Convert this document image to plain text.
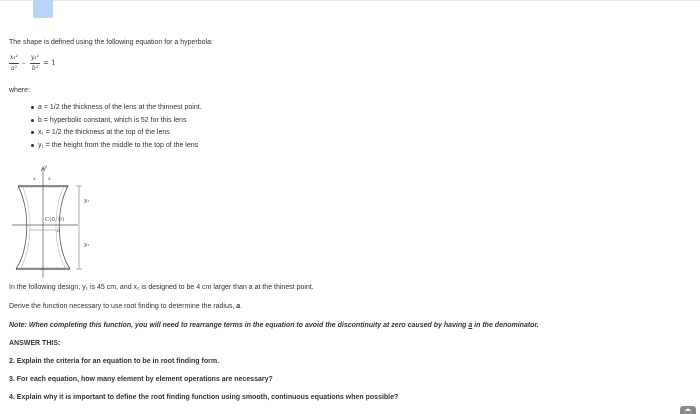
The shape is defined using the following equation for a hyperbola:
x₁²
a²
–
y₁²
b²
= 1
where:
a = 1/2 the thickness of the lens at the thinnest point.
b = hyperbolic constant, which is 52 for this lens
x₁ = 1/2 the thickness at the top of the lens
y₁ = the height from the middle to the top of the lens
y
x x
C(0, 0)
a
y₁
y₁
In the following design, y₁ is 45 cm, and x₁ is designed to be 4 cm larger than a at the thinest point.
Derive the function necessary to use root finding to determine the radius, a.
Note: When completing this function, you will need to rearrange terms in the equation to avoid the discontinuity at zero caused by having a in the denominator.
ANSWER THIS:
2. Explain the criteria for an equation to be in root finding form.
3. For each equation, how many element by element operations are necessary?
4. Explain why it is important to define the root finding function using smooth, continuous equations when possible?
